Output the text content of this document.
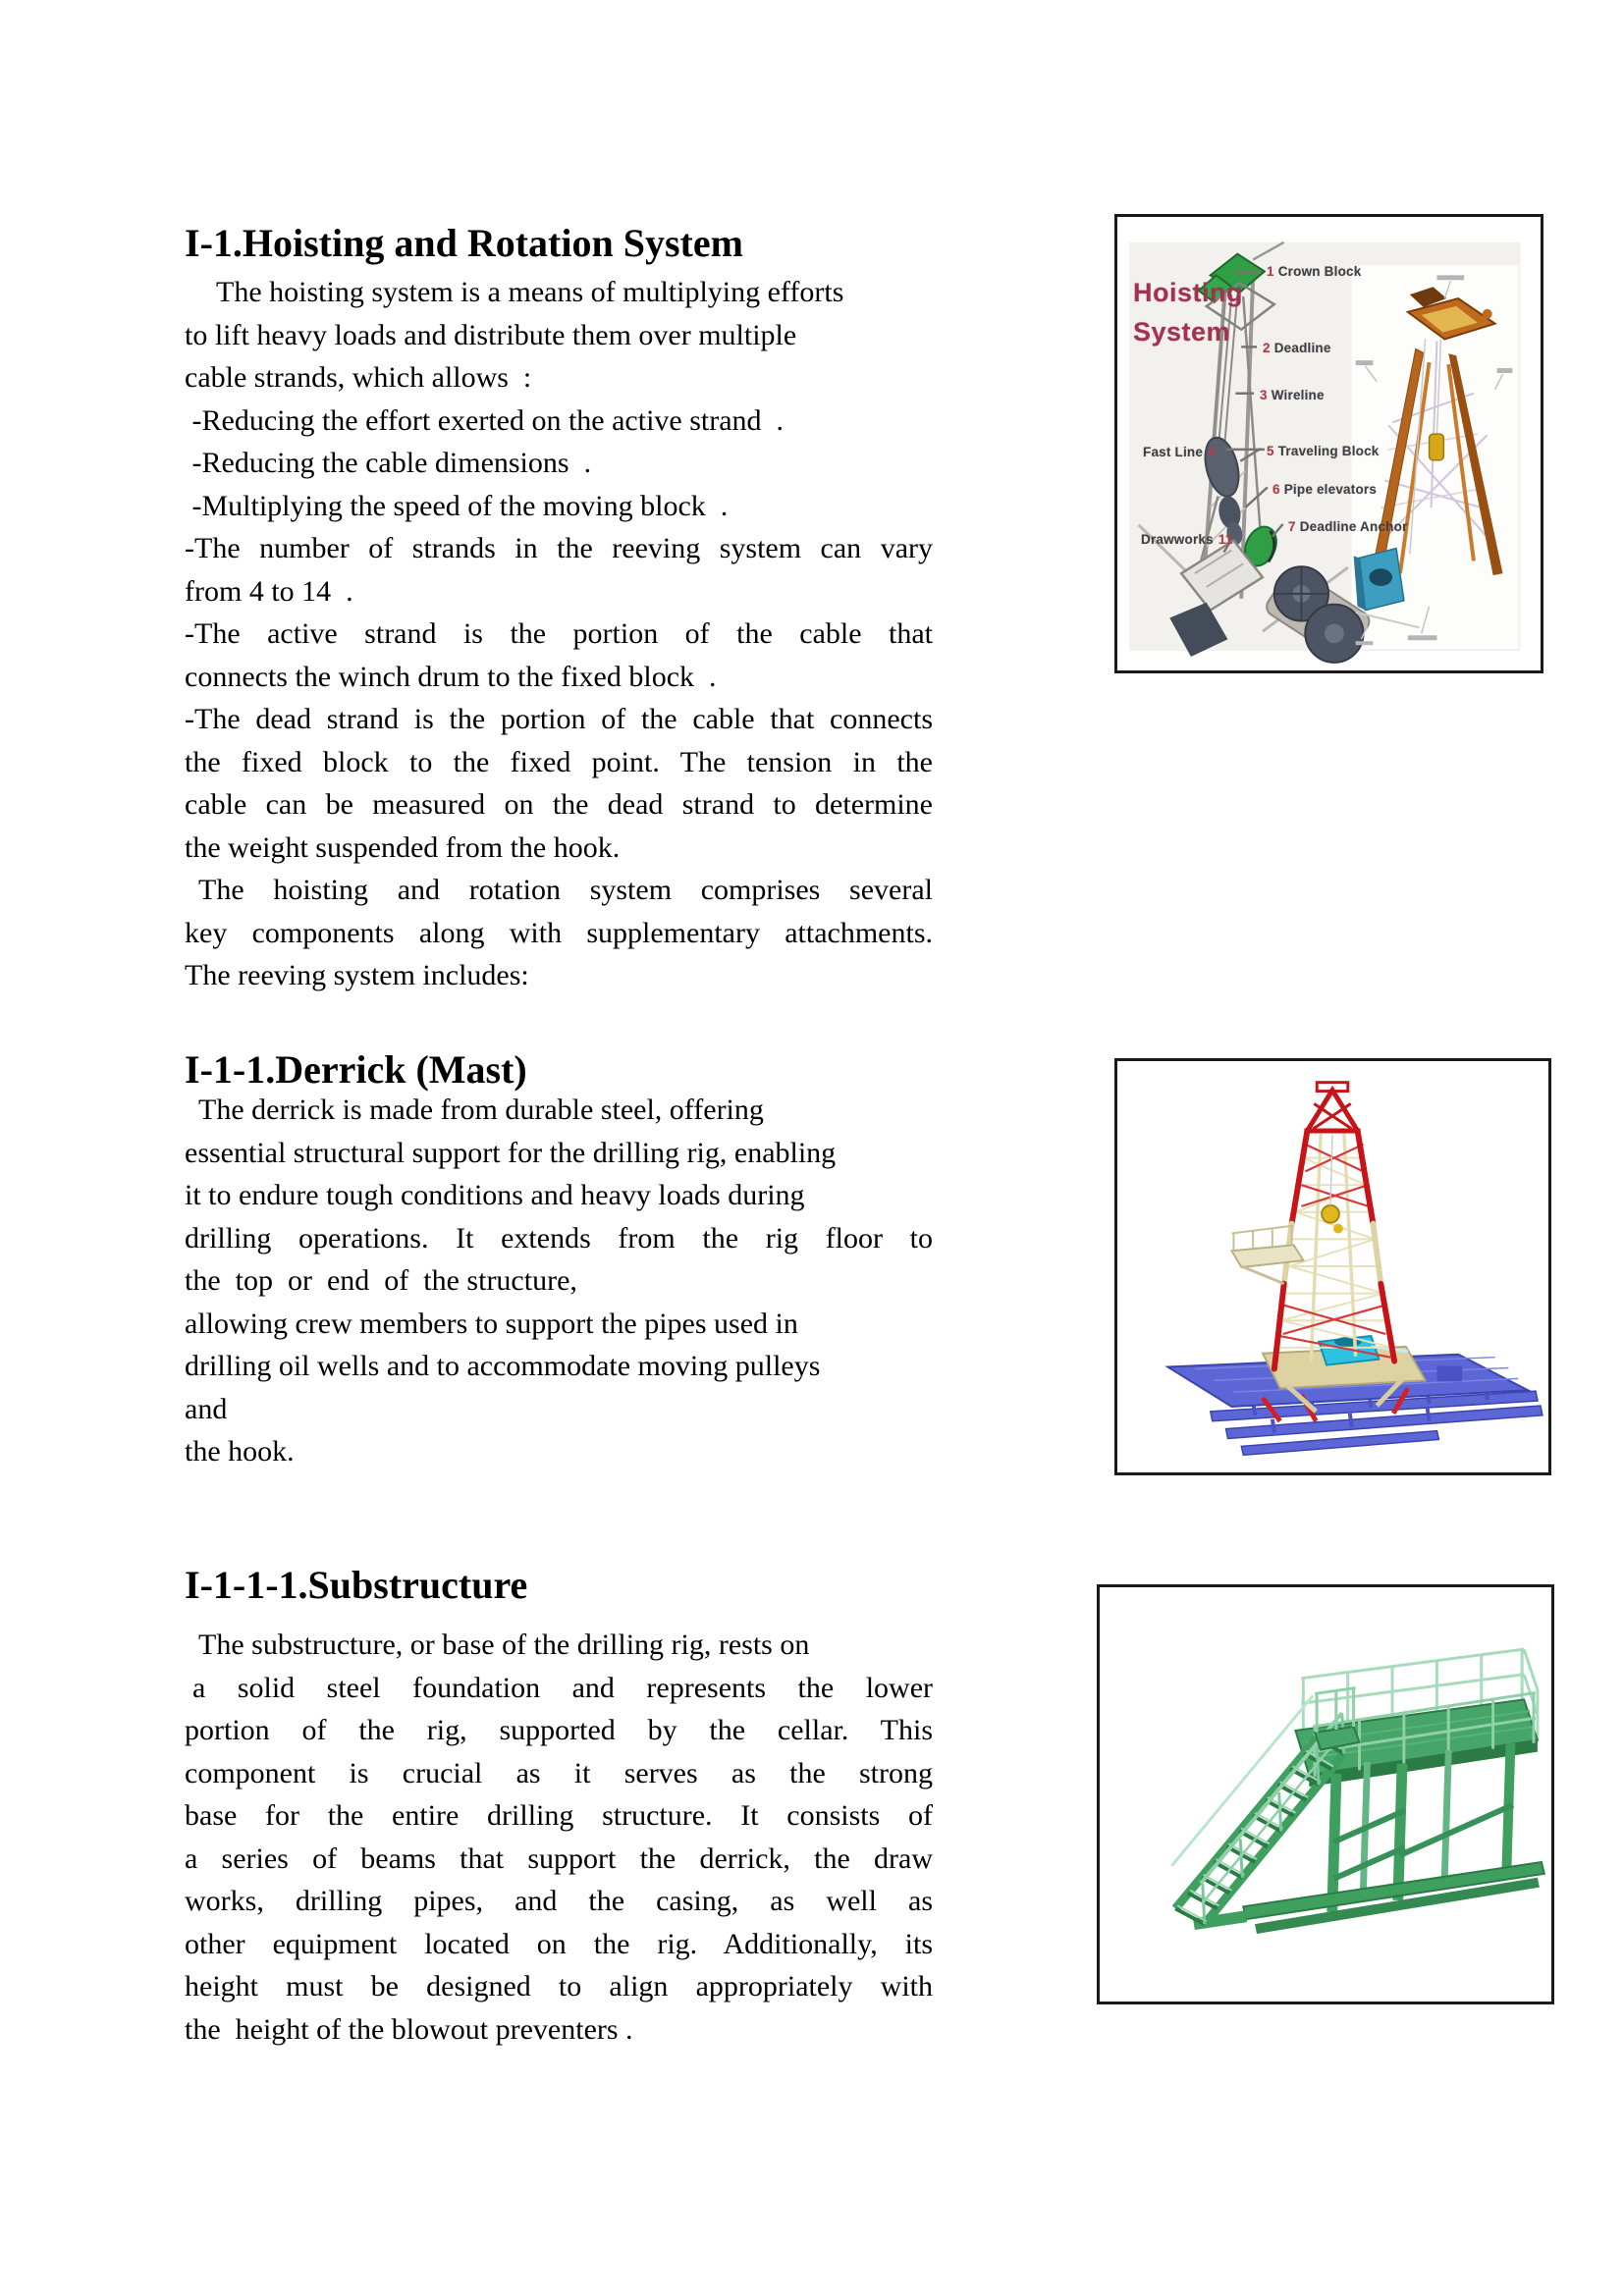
I-1.Hoisting and Rotation System
The hoisting system is a means of multiplying efforts
to lift heavy loads and distribute them over multiple
cable strands, which allows  :
-Reducing the effort exerted on the active strand  .
-Reducing the cable dimensions  .
-Multiplying the speed of the moving block  .
-The number of strands in the reeving system can vary
from 4 to 14  .
-The active strand is the portion of the cable that
connects the winch drum to the fixed block  .
-The dead strand is the portion of the cable that connects
the fixed block to the fixed point. The tension in the
cable can be measured on the dead strand to determine
the weight suspended from the hook.
The hoisting and rotation system comprises several
key components along with supplementary attachments.
The reeving system includes:
I-1-1.Derrick (Mast)
The derrick is made from durable steel, offering
essential structural support for the drilling rig, enabling
it to endure tough conditions and heavy loads during
drilling operations. It extends from the rig floor to
the  top  or  end  of  the structure,
allowing crew members to support the pipes used in
drilling oil wells and to accommodate moving pulleys
and
the hook.
I-1-1-1.Substructure
The substructure, or base of the drilling rig, rests on
a solid steel foundation and represents the lower
portion of the rig, supported by the cellar. This
component is crucial as it serves as the strong
base for the entire drilling structure. It consists of
a series of beams that support the derrick, the draw
works, drilling pipes, and the casing, as well as
other equipment located on the rig. Additionally, its
height must be designed to align appropriately with
the  height of the blowout preventers .
Hoisting
System
1 Crown Block
2 Deadline
3 Wireline
Fast Line 4	5 Traveling Block
6 Pipe elevators
7 Deadline Anchor
Drawworks 11
